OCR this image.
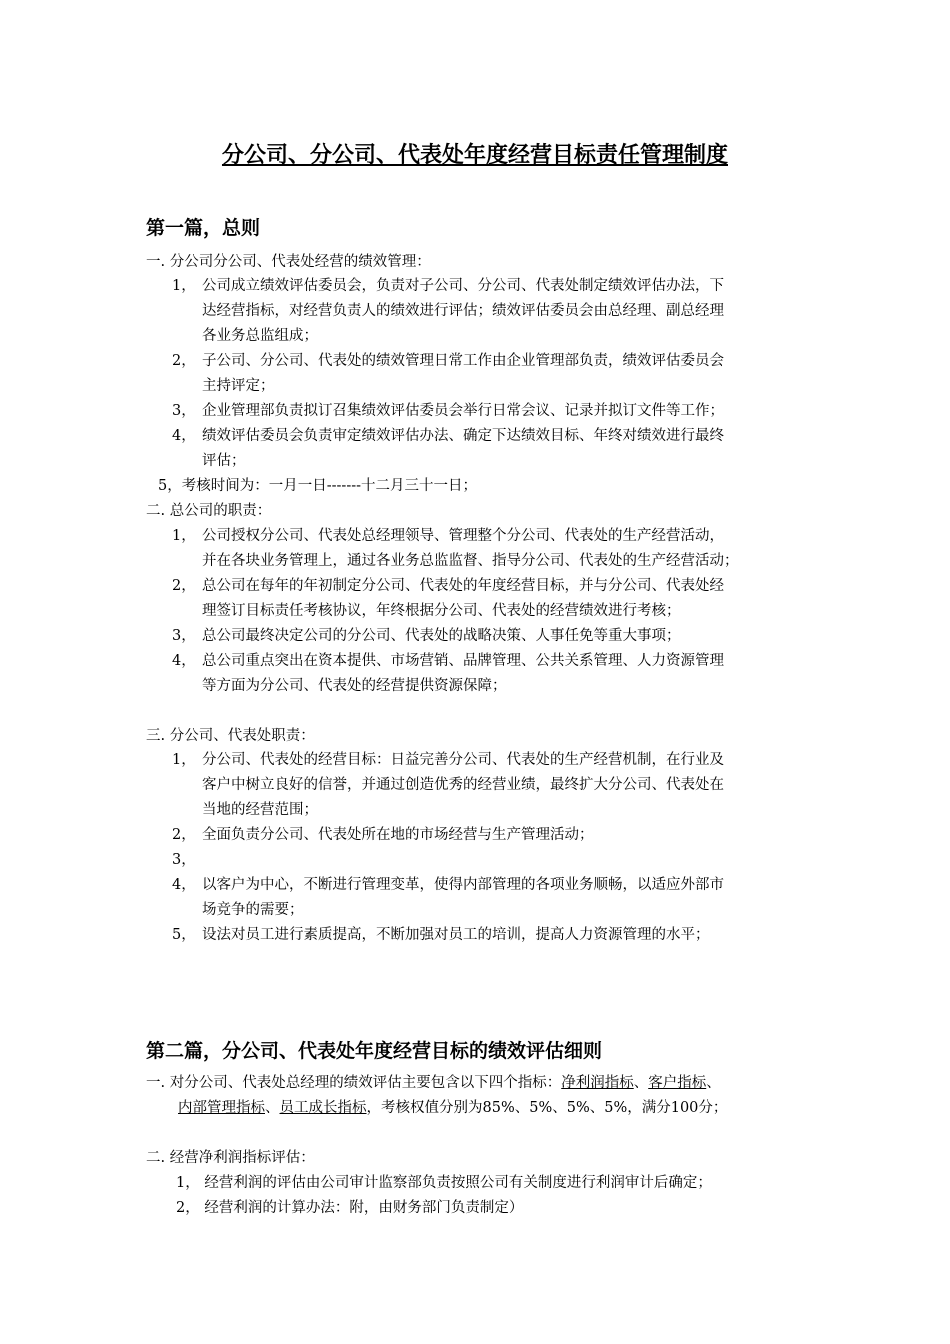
分公司、分公司、代表处年度经营目标责任管理制度
第一篇，总则
一. 分公司分公司、代表处经营的绩效管理：
1， 公司成立绩效评估委员会，负责对子公司、分公司、代表处制定绩效评估办法，下
达经营指标，对经营负责人的绩效进行评估；绩效评估委员会由总经理、副总经理
各业务总监组成；
2， 子公司、分公司、代表处的绩效管理日常工作由企业管理部负责，绩效评估委员会
主持评定；
3， 企业管理部负责拟订召集绩效评估委员会举行日常会议、记录并拟订文件等工作；
4， 绩效评估委员会负责审定绩效评估办法、确定下达绩效目标、年终对绩效进行最终
评估；
5，考核时间为：一月一日-------十二月三十一日；
二. 总公司的职责：
1， 公司授权分公司、代表处总经理领导、管理整个分公司、代表处的生产经营活动，
并在各块业务管理上，通过各业务总监监督、指导分公司、代表处的生产经营活动；
2， 总公司在每年的年初制定分公司、代表处的年度经营目标，并与分公司、代表处经
理签订目标责任考核协议，年终根据分公司、代表处的经营绩效进行考核；
3， 总公司最终决定公司的分公司、代表处的战略决策、人事任免等重大事项；
4， 总公司重点突出在资本提供、市场营销、品牌管理、公共关系管理、人力资源管理
等方面为分公司、代表处的经营提供资源保障；
三. 分公司、代表处职责：
1， 分公司、代表处的经营目标：日益完善分公司、代表处的生产经营机制，在行业及
客户中树立良好的信誉，并通过创造优秀的经营业绩，最终扩大分公司、代表处在
当地的经营范围；
2， 全面负责分公司、代表处所在地的市场经营与生产管理活动；
3，
4， 以客户为中心，不断进行管理变革，使得内部管理的各项业务顺畅，以适应外部市
场竞争的需要；
5， 设法对员工进行素质提高，不断加强对员工的培训，提高人力资源管理的水平；
第二篇，分公司、代表处年度经营目标的绩效评估细则
一. 对分公司、代表处总经理的绩效评估主要包含以下四个指标：净利润指标、客户指标、
内部管理指标、员工成长指标，考核权值分别为85%、5%、5%、5%，满分100分；
二. 经营净利润指标评估：
1， 经营利润的评估由公司审计监察部负责按照公司有关制度进行利润审计后确定；
2， 经营利润的计算办法：附，由财务部门负责制定）
